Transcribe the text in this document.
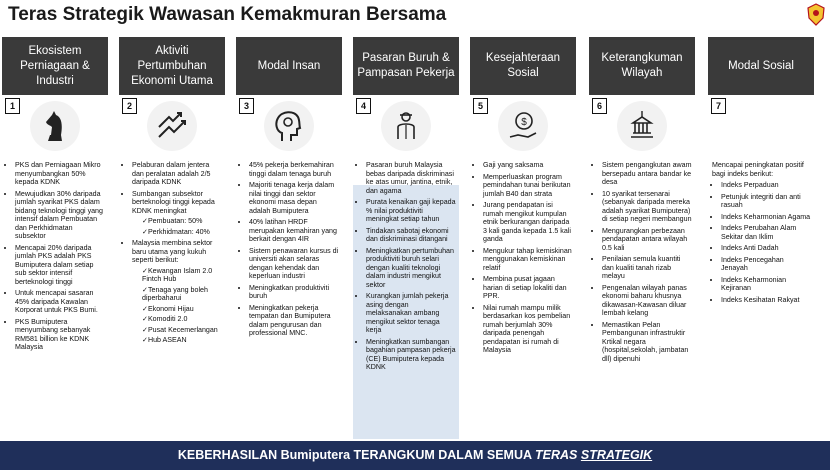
Teras Strategik Wawasan Kemakmuran Bersama
Ekosistem Perniagaan & Industri
1
• PKS dan Perniagaan Mikro menyumbangkan 50% kepada KDNK
• Mewujudkan 30% daripada jumlah syarikat PKS dalam bidang teknologi tinggi yang intensif dalam Pembuatan dan Perkhidmatan subsektor
• Mencapai 20% daripada jumlah PKS adalah PKS Bumiputera dalam setiap sub sektor intensif berteknologi tinggi
• Untuk mencapai sasaran 45% daripada Kawalan Korporat untuk PKS Bumi.
• PKS Bumiputera menyumbang sebanyak RM581 billion ke KDNK Malaysia
Aktiviti Pertumbuhan Ekonomi Utama
2
• Pelaburan dalam jentera dan peralatan adalah 2/5 daripada KDNK
• Sumbangan subsektor berteknologi tinggi kepada KDNK meningkat
✓ Pembuatan: 50%
✓ Perkhidmatan: 40%
• Malaysia membina sektor baru utama yang kukuh seperti berikut:
✓ Kewangan Islam 2.0 Fintch Hub
✓ Tenaga yang boleh diperbaharui
✓ Ekonomi Hijau
✓ Komoditi 2.0
✓ Pusat Kecemerlangan
✓ Hub ASEAN
Modal Insan
3
• 45% pekerja berkemahiran tinggi dalam tenaga buruh
• Majoriti tenaga kerja dalam nilai tinggi dan sektor ekonomi masa depan adalah Bumiputera
• 40% latihan HRDF merupakan kemahiran yang berkait dengan 4IR
• Sistem penawaran kursus di universiti akan selaras dengan kehendak dan keperluan industri
• Meningkatkan produktiviti buruh
• Meningkatkan pekerja tempatan dan Bumiputera dalam pengurusan dan professional MNC.
Pasaran Buruh & Pampasan Pekerja
4
• Pasaran buruh Malaysia bebas daripada diskriminasi ke atas umur, jantina, etnik, dan agama
• Purata kenaikan gaji kepada % nilai produktiviti meningkat setiap tahun
• Tindakan sabotaj ekonomi dan diskriminasi ditangani
• Meningkatkan pertumbuhan produktiviti buruh selari dengan kualiti teknologi dalam industri mengikut sektor
• Kurangkan jumlah pekerja asing dengan melaksanakan ambang mengikut sektor tenaga kerja
• Meningkatkan sumbangan bagahian pampasan pekerja (CE) Bumiputera kepada KDNK
Kesejahteraan Sosial
5
$
• Gaji yang saksama
• Memperluaskan program pemindahan tunai berikutan jumlah B40 dan strata
• Jurang pendapatan isi rumah mengikut kumpulan etnik berkurangan daripada 3 kali ganda kepada 1.5 kali ganda
• Mengukur tahap kemiskinan menggunakan kemiskinan relatif
• Membina pusat jagaan harian di setiap lokaliti dan PPR.
• Nilai rumah mampu milik berdasarkan kos pembelian rumah berjumlah 30% daripada penengah pendapatan isi rumah di Malaysia
Keterangkuman Wilayah
6
• Sistem pengangkutan awam bersepadu antara bandar ke desa
• 10 syarikat tersenarai (sebanyak daripada mereka adalah syarikat Bumiputera) di setiap negeri membangun
• Mengurangkan perbezaan pendapatan antara wilayah 0.5 kali
• Penilaian semula kuantiti dan kualiti tanah rizab melayu
• Pengenalan wilayah panas ekonomi baharu khusnya dikawasan-Kawasan diluar lembah kelang
• Memastikan Pelan Pembangunan infrastruktir Krtikal negara (hospital,sekolah, jambatan dll) dipenuhi
Modal Sosial
7
Mencapai peningkatan positif bagi indeks berikut:
• Indeks Perpaduan
• Petunjuk integriti dan anti rasuah
• Indeks Keharmonian Agama
• Indeks Perubahan Alam Sekitar dan Iklim
• Indeks Anti Dadah
• Indeks Pencegahan Jenayah
• Indeks Keharmonian Kejiranan
• Indeks Kesihatan Rakyat
KEBERHASILAN Bumiputera TERANGKUM DALAM SEMUA TERAS STRATEGIK
